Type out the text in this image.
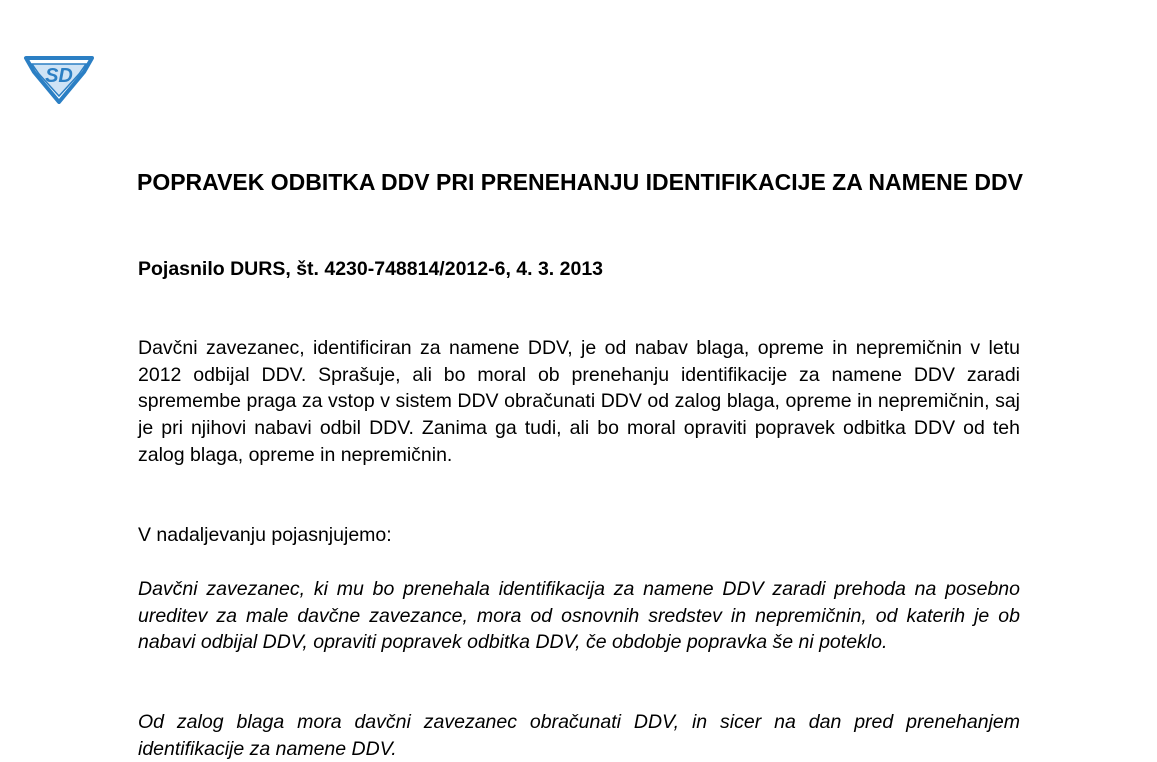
SD
POPRAVEK ODBITKA DDV PRI PRENEHANJU IDENTIFIKACIJE ZA NAMENE DDV

Pojasnilo DURS, št. 4230-748814/2012-6, 4. 3. 2013

Davčni zavezanec, identificiran za namene DDV, je od nabav blaga, opreme in nepremičnin v letu 2012 odbijal DDV. Sprašuje, ali bo moral ob prenehanju identifikacije za namene DDV zaradi spremembe praga za vstop v sistem DDV obračunati DDV od zalog blaga, opreme in nepremičnin, saj je pri njihovi nabavi odbil DDV. Zanima ga tudi, ali bo moral opraviti popravek odbitka DDV od teh zalog blaga, opreme in nepremičnin.

V nadaljevanju pojasnjujemo:

Davčni zavezanec, ki mu bo prenehala identifikacija za namene DDV zaradi prehoda na posebno ureditev za male davčne zavezance, mora od osnovnih sredstev in nepremičnin, od katerih je ob nabavi odbijal DDV, opraviti popravek odbitka DDV, če obdobje popravka še ni poteklo.

Od zalog blaga mora davčni zavezanec obračunati DDV, in sicer na dan pred prenehanjem identifikacije za namene DDV.
